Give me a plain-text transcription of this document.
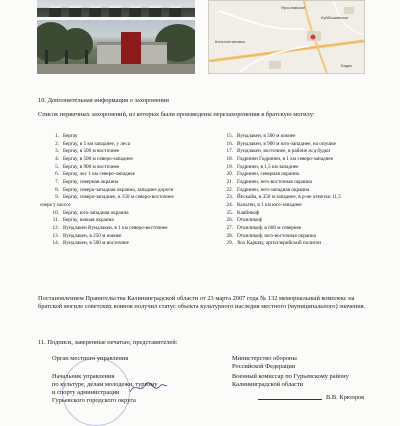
Ярославское
Константиновка
Куйбышевское
Бадек
10. Дополнительная информация о захоронении
Список первичных захоронений, из которых были произведены перезахоронения в братскую могилу:
1. Бергау
2. Бергау, в 5 км западнее, у леса
3. Бергау, в 500 м восточнее
4. Бергау, в 500 м северо-западнее
5. Бергау, в 900 м восточнее
6. Бергау, лес 1 км северо-западнее
7. Бергау, северная окраина
8. Бергау, северо-западная окраина, западнее дороги
9. Бергау, северо-западнее, в 150 м северо-восточнее
озера у шоссе
10. Бергау, юго-западная окраина
11. Бергау, южная окраина
12. Вундлакен Вундлакен, в 1 км северо-восточнее
13. Вундлакен, в 250 м южнее
14. Вундлакен, в 500 м восточнее
15. Вундлакен, в 500 м южнее
16. Вундлакен, в 900 м юго-западнее, на опушке
17. Вундлакен, восточнее, в районе ж/д будки
18. Годринен Годринен, в 1 км северо-западнее
19. Годринен, в 1,5 км западнее
20. Годринен, северная окраина
21. Годринен, юго-восточная окраина
22. Годринен, юго-западная окраина
23. Йескайм, в 350 м западнее, в р-не отметки 11,5
24. Кальген, в 1 км юго-западнее
25. Кляйнкоф
26. Отлиликоф
27. Отлиликоф, в 600 м севернее
28. Отлиликоф, юго-восточная окраина
29. Хох Каршау, артиллерийский полигон
Постановлением Правительства Калининградской области от 23 марта 2007 года № 132 мемориальный комплекс на братской могиле советских воинов получил статус объекта культурного наследия местного (муниципального) значения.
11. Подписи, заверенные печатью, представителей:
Орган местного управления
Начальник управления
по культуре, делам молодежи, туризму
и спорту администрации
Гурьевского городского округа
Министерство обороны
Российской Федерации
Военный комиссар по Гурьевскому району
Калининградской области
В.В. Крюоров
